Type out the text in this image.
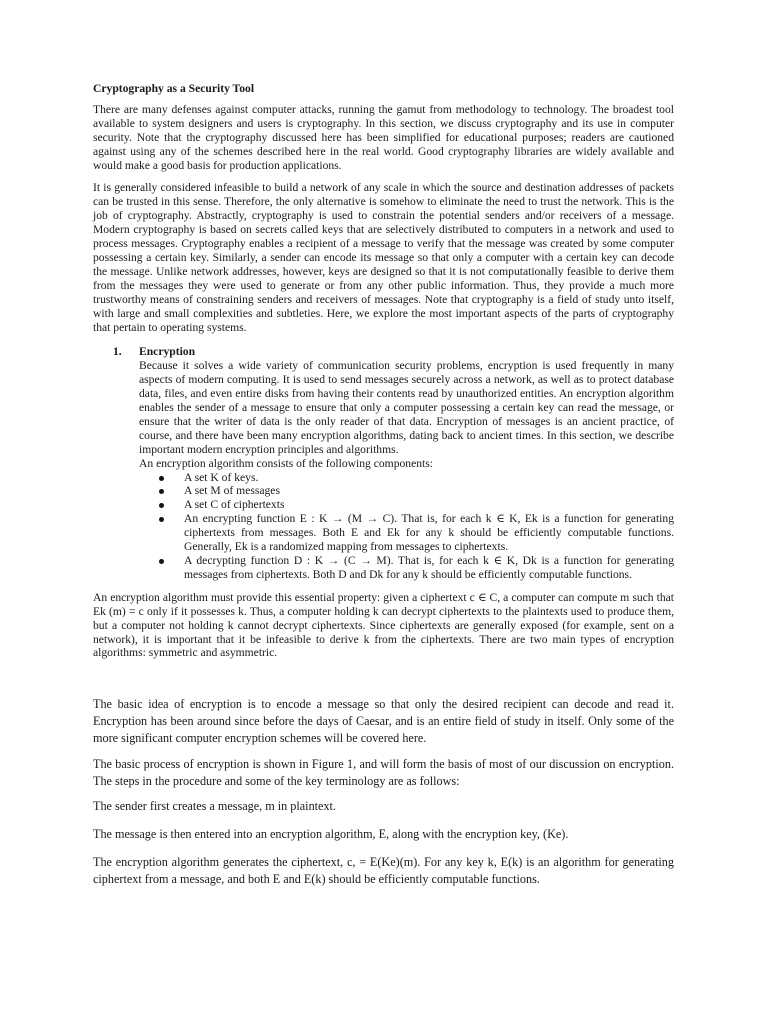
Cryptography as a Security Tool

There are many defenses against computer attacks, running the gamut from methodology to technology. The broadest tool available to system designers and users is cryptography. In this section, we discuss cryptography and its use in computer security. Note that the cryptography discussed here has been simplified for educational purposes; readers are cautioned against using any of the schemes described here in the real world. Good cryptography libraries are widely available and would make a good basis for production applications.

It is generally considered infeasible to build a network of any scale in which the source and destination addresses of packets can be trusted in this sense. Therefore, the only alternative is somehow to eliminate the need to trust the network. This is the job of cryptography. Abstractly, cryptography is used to constrain the potential senders and/or receivers of a message. Modern cryptography is based on secrets called keys that are selectively distributed to computers in a network and used to process messages. Cryptography enables a recipient of a message to verify that the message was created by some computer possessing a certain key. Similarly, a sender can encode its message so that only a computer with a certain key can decode the message. Unlike network addresses, however, keys are designed so that it is not computationally feasible to derive them from the messages they were used to generate or from any other public information. Thus, they provide a much more trustworthy means of constraining senders and receivers of messages. Note that cryptography is a field of study unto itself, with large and small complexities and subtleties. Here, we explore the most important aspects of the parts of cryptography that pertain to operating systems.

1. Encryption

Because it solves a wide variety of communication security problems, encryption is used frequently in many aspects of modern computing. It is used to send messages securely across a network, as well as to protect database data, files, and even entire disks from having their contents read by unauthorized entities. An encryption algorithm enables the sender of a message to ensure that only a computer possessing a certain key can read the message, or ensure that the writer of data is the only reader of that data. Encryption of messages is an ancient practice, of course, and there have been many encryption algorithms, dating back to ancient times. In this section, we describe important modern encryption principles and algorithms.

An encryption algorithm consists of the following components:

A set K of keys.
A set M of messages
A set C of ciphertexts
An encrypting function E : K → (M → C). That is, for each k ∈ K, Ek is a function for generating ciphertexts from messages. Both E and Ek for any k should be efficiently computable functions. Generally, Ek is a randomized mapping from messages to ciphertexts.
A decrypting function D : K → (C → M). That is, for each k ∈ K, Dk is a function for generating messages from ciphertexts. Both D and Dk for any k should be efficiently computable functions.

An encryption algorithm must provide this essential property: given a ciphertext c ∈ C, a computer can compute m such that Ek (m) = c only if it possesses k. Thus, a computer holding k can decrypt ciphertexts to the plaintexts used to produce them, but a computer not holding k cannot decrypt ciphertexts. Since ciphertexts are generally exposed (for example, sent on a network), it is important that it be infeasible to derive k from the ciphertexts. There are two main types of encryption algorithms: symmetric and asymmetric.

The basic idea of encryption is to encode a message so that only the desired recipient can decode and read it. Encryption has been around since before the days of Caesar, and is an entire field of study in itself. Only some of the more significant computer encryption schemes will be covered here.

The basic process of encryption is shown in Figure 1, and will form the basis of most of our discussion on encryption. The steps in the procedure and some of the key terminology are as follows:

The sender first creates a message, m in plaintext.

The message is then entered into an encryption algorithm, E, along with the encryption key, (Ke).

The encryption algorithm generates the ciphertext, c, = E(Ke)(m). For any key k, E(k) is an algorithm for generating ciphertext from a message, and both E and E(k) should be efficiently computable functions.
